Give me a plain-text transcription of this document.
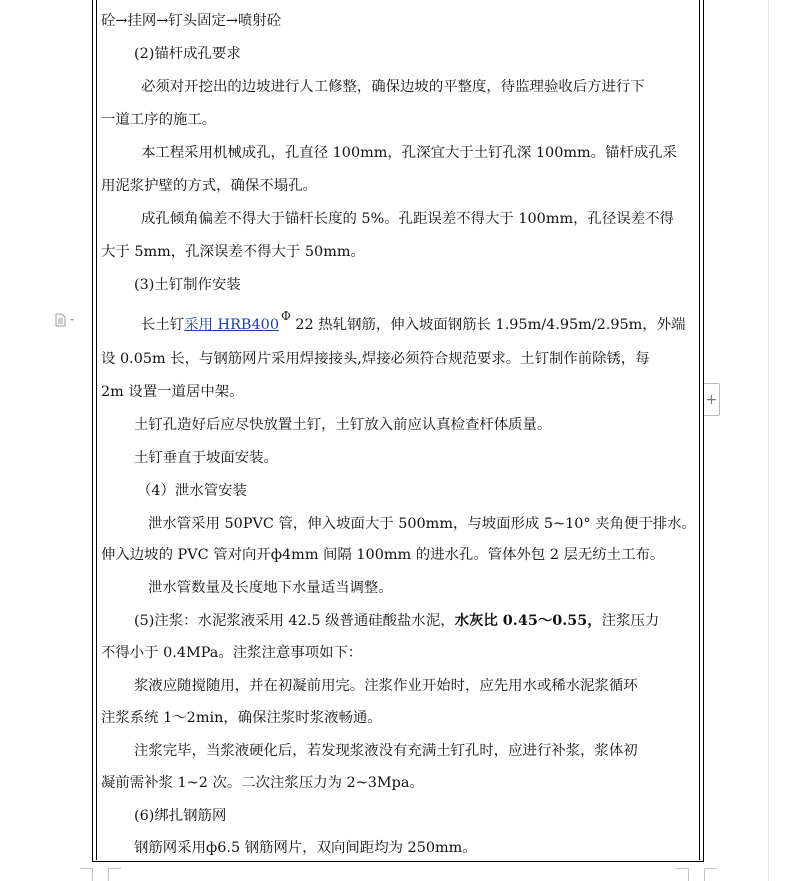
+
砼→挂网→钉头固定→喷射砼
(2)锚杆成孔要求
必须对开挖出的边坡进行人工修整，确保边坡的平整度，待监理验收后方进行下
一道工序的施工。
本工程采用机械成孔，孔直径 100mm，孔深宜大于土钉孔深 100mm。锚杆成孔采
用泥浆护壁的方式，确保不塌孔。
成孔倾角偏差不得大于锚杆长度的 5%。孔距误差不得大于 100mm，孔径误差不得
大于 5mm，孔深误差不得大于 50mm。
(3)土钉制作安装
长土钉采用 $HRB400^\Phi$ 22 热轧钢筋，伸入坡面钢筋长 1.95m/4.95m/2.95m，外端
设 0.05m 长，与钢筋网片采用焊接接头,焊接必须符合规范要求。土钉制作前除锈，每
2m 设置一道居中架。
土钉孔造好后应尽快放置土钉，土钉放入前应认真检查杆体质量。
土钉垂直于坡面安装。
（4）泄水管安装
泄水管采用 50PVC 管，伸入坡面大于 500mm，与坡面形成 5~10° 夹角便于排水。
伸入边坡的 PVC 管对向开ф4mm 间隔 100mm 的进水孔。管体外包 2 层无纺土工布。
泄水管数量及长度地下水量适当调整。
(5)注浆：水泥浆液采用 42.5 级普通硅酸盐水泥，水灰比 0.45～0.55，注浆压力
不得小于 0.4MPa。注浆注意事项如下：
浆液应随搅随用，并在初凝前用完。注浆作业开始时，应先用水或稀水泥浆循环
注浆系统 1～2min，确保注浆时浆液畅通。
注浆完毕，当浆液硬化后，若发现浆液没有充满土钉孔时，应进行补浆，浆体初
凝前需补浆 1~2 次。二次注浆压力为 2~3Mpa。
(6)绑扎钢筋网
钢筋网采用ф6.5 钢筋网片，双向间距均为 250mm。
